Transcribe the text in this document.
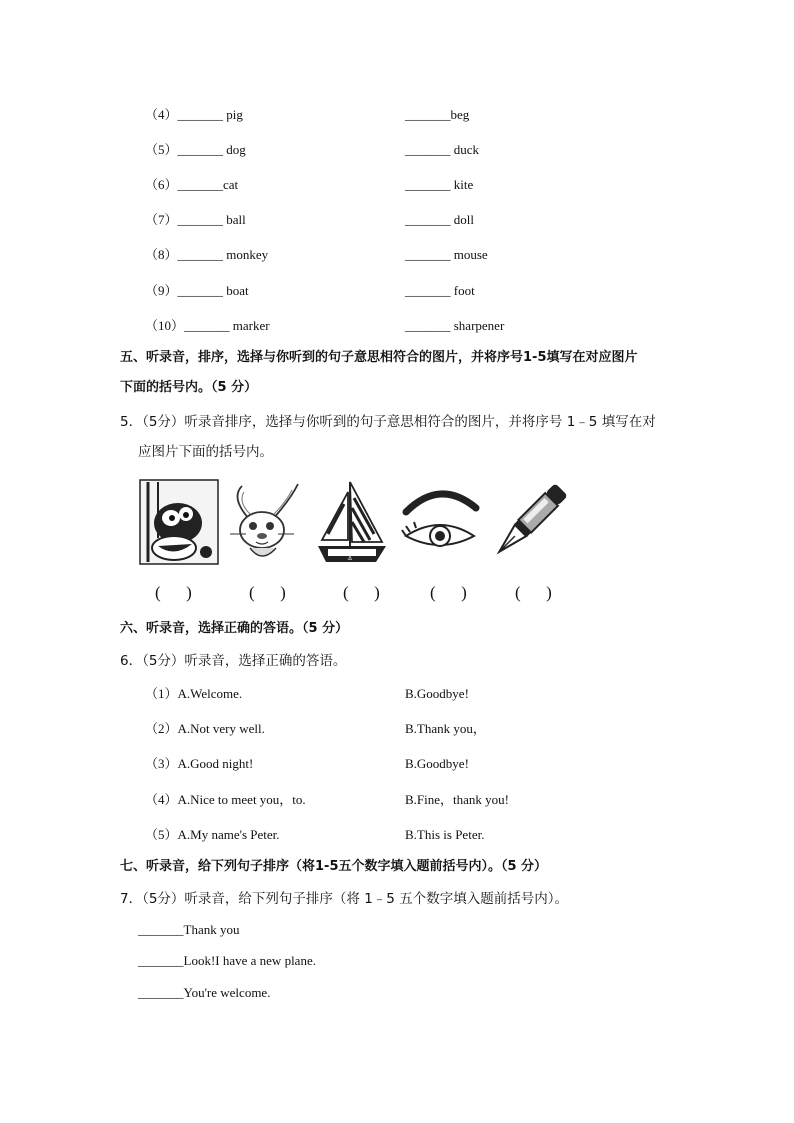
（4）_______ pig	_______beg
（5）_______ dog	_______ duck
（6）_______cat	_______ kite
（7）_______ ball	_______ doll
（8）_______ monkey	_______ mouse
（9）_______ boat	_______ foot
（10）_______ marker	_______ sharpener
五、听录音，排序，选择与你听到的句子意思相符合的图片，并将序号1-5填写在对应图片
下面的括号内。（5 分）
5．（5分）听录音排序，选择与你听到的句子意思相符合的图片，并将序号 1﹣5 填写在对
应图片下面的括号内。
⚓
(      )	(      )	(      )	(      )	(      )
六、听录音，选择正确的答语。（5 分）
6．（5分）听录音，选择正确的答语。
（1）A.Welcome.	B.Goodbye!
（2）A.Not very well.	B.Thank you，
（3）A.Good night!	B.Goodbye!
（4）A.Nice to meet you，to.	B.Fine，thank you!
（5）A.My name's Peter.	B.This is Peter.
七、听录音，给下列句子排序（将1-5五个数字填入题前括号内）。（5 分）
7．（5分）听录音，给下列句子排序（将 1﹣5 五个数字填入题前括号内）。
_______Thank you
_______Look!I have a new plane.
_______You're welcome.
